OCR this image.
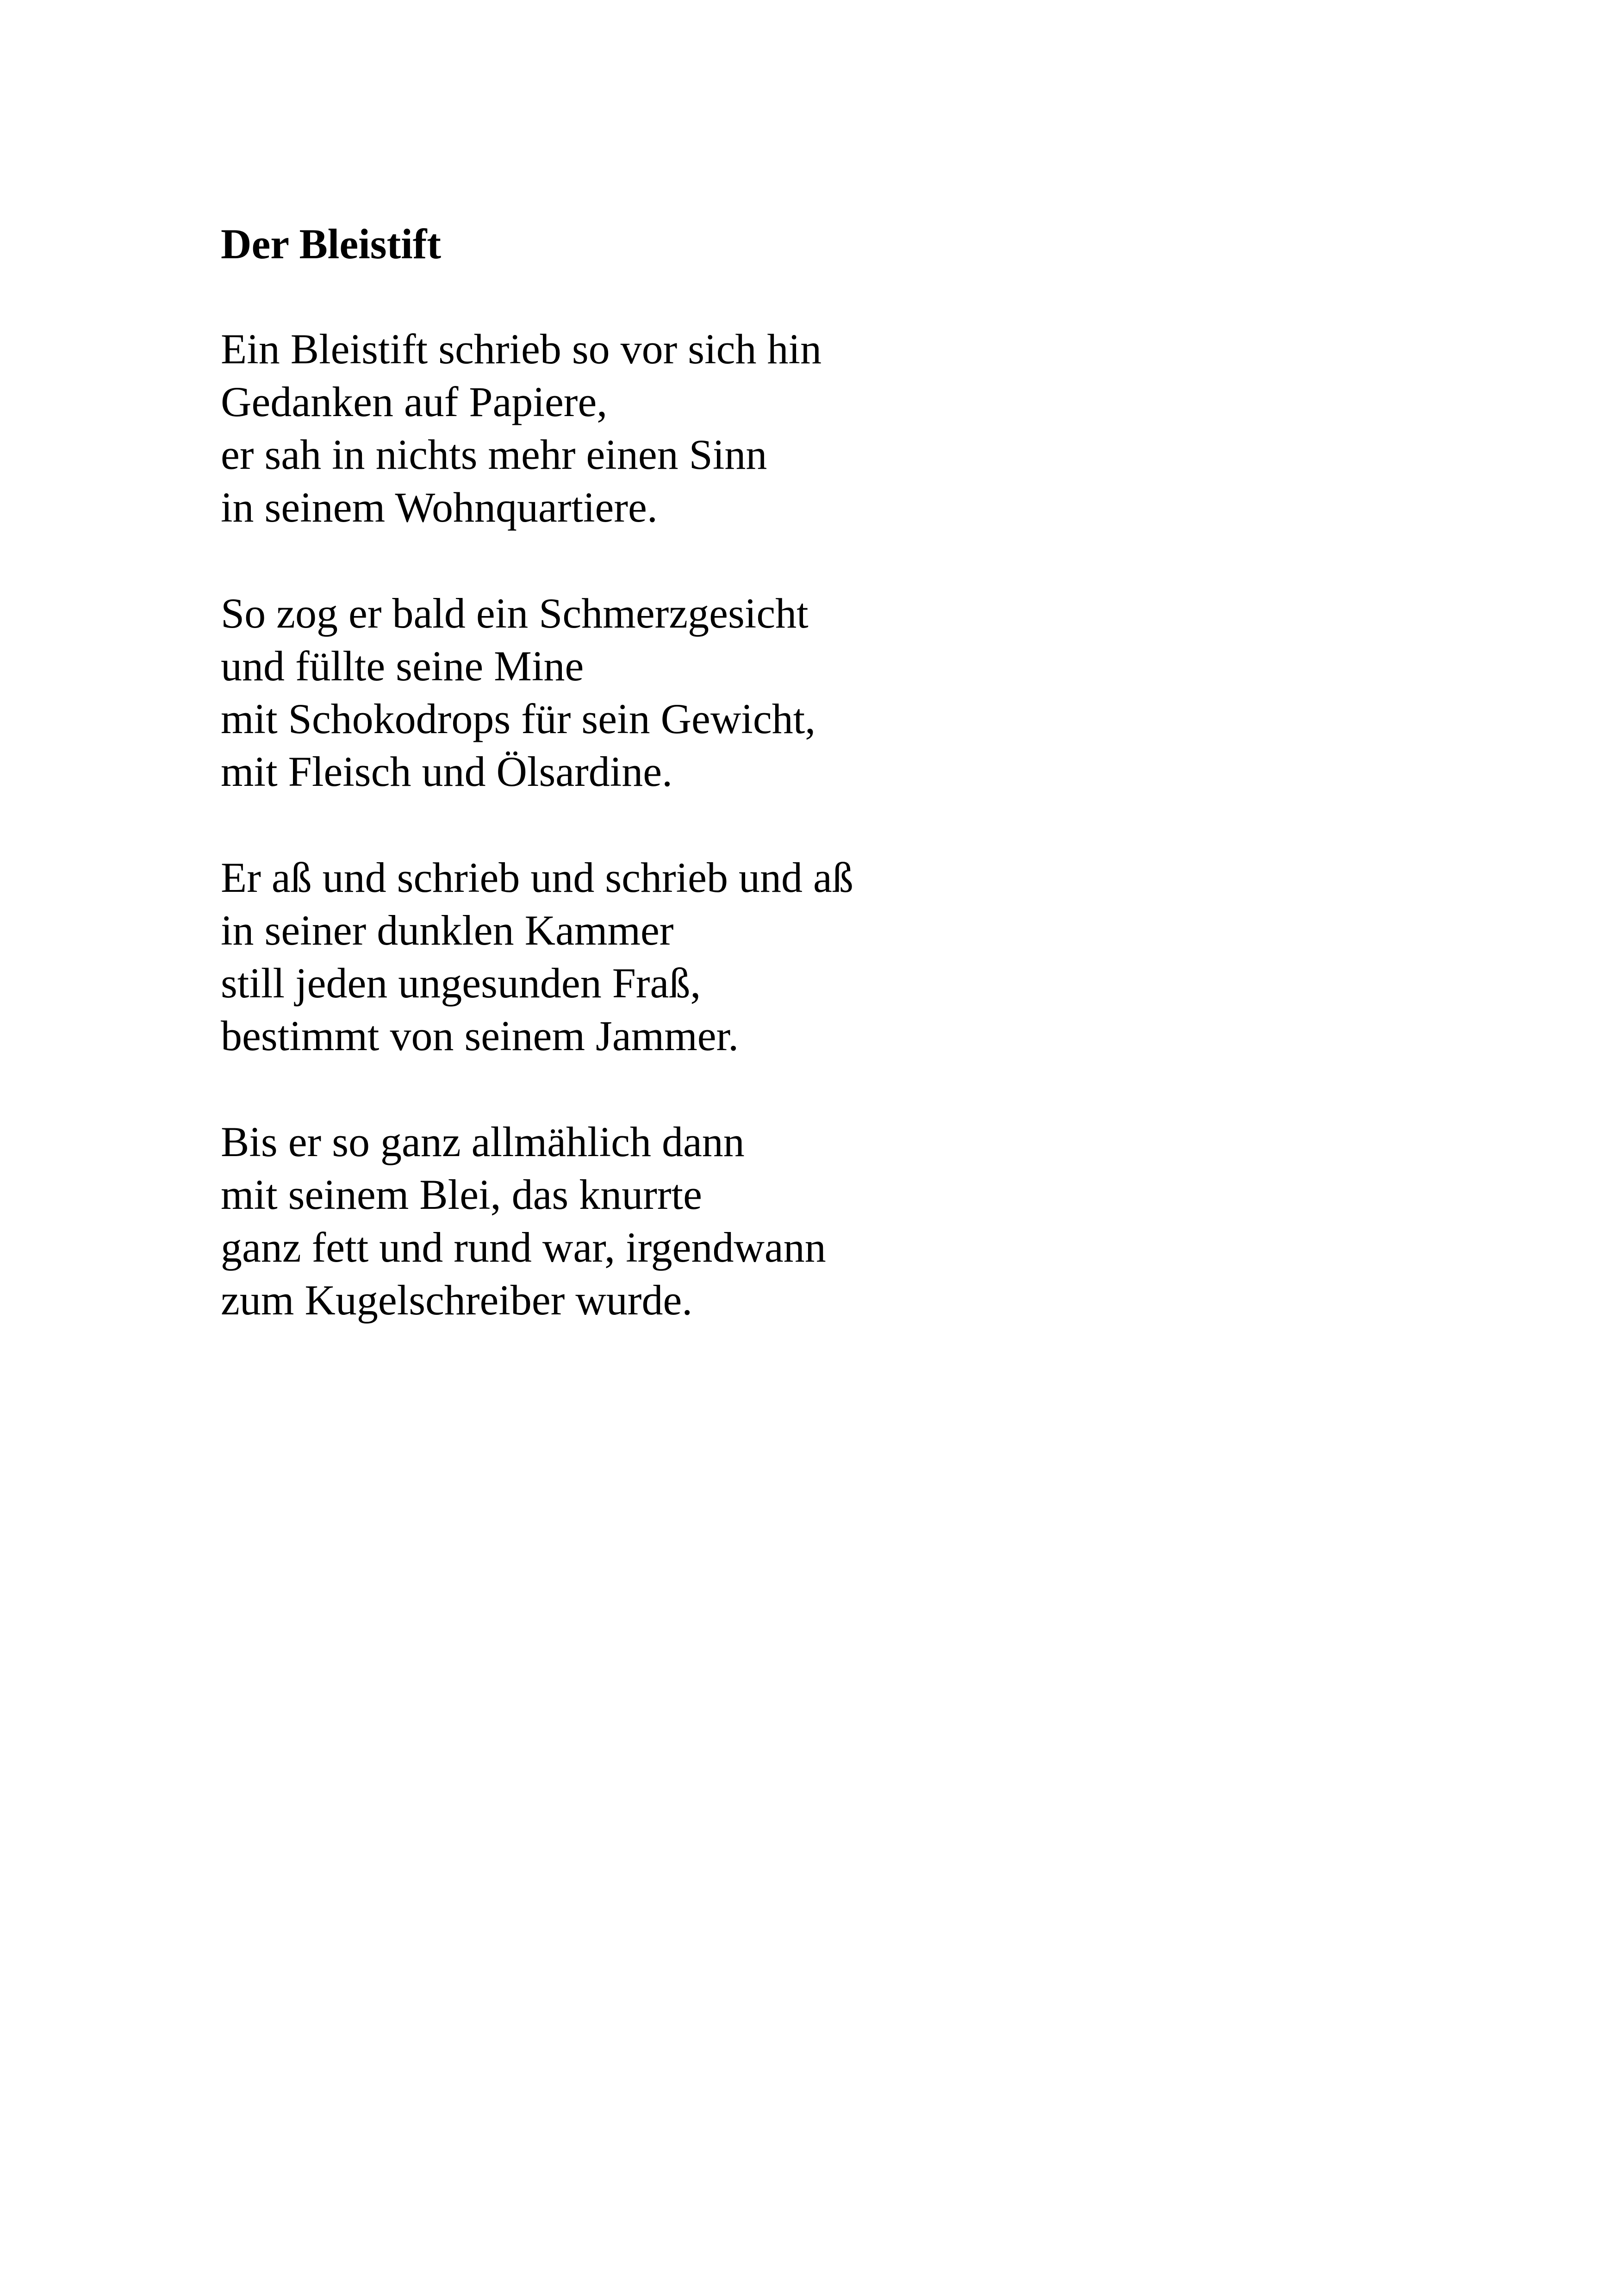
Der Bleistift
Ein Bleistift schrieb so vor sich hin
Gedanken auf Papiere,
er sah in nichts mehr einen Sinn
in seinem Wohnquartiere.
So zog er bald ein Schmerzgesicht
und füllte seine Mine
mit Schokodrops für sein Gewicht,
mit Fleisch und Ölsardine.
Er aß und schrieb und schrieb und aß
in seiner dunklen Kammer
still jeden ungesunden Fraß,
bestimmt von seinem Jammer.
Bis er so ganz allmählich dann
mit seinem Blei, das knurrte
ganz fett und rund war, irgendwann
zum Kugelschreiber wurde.
